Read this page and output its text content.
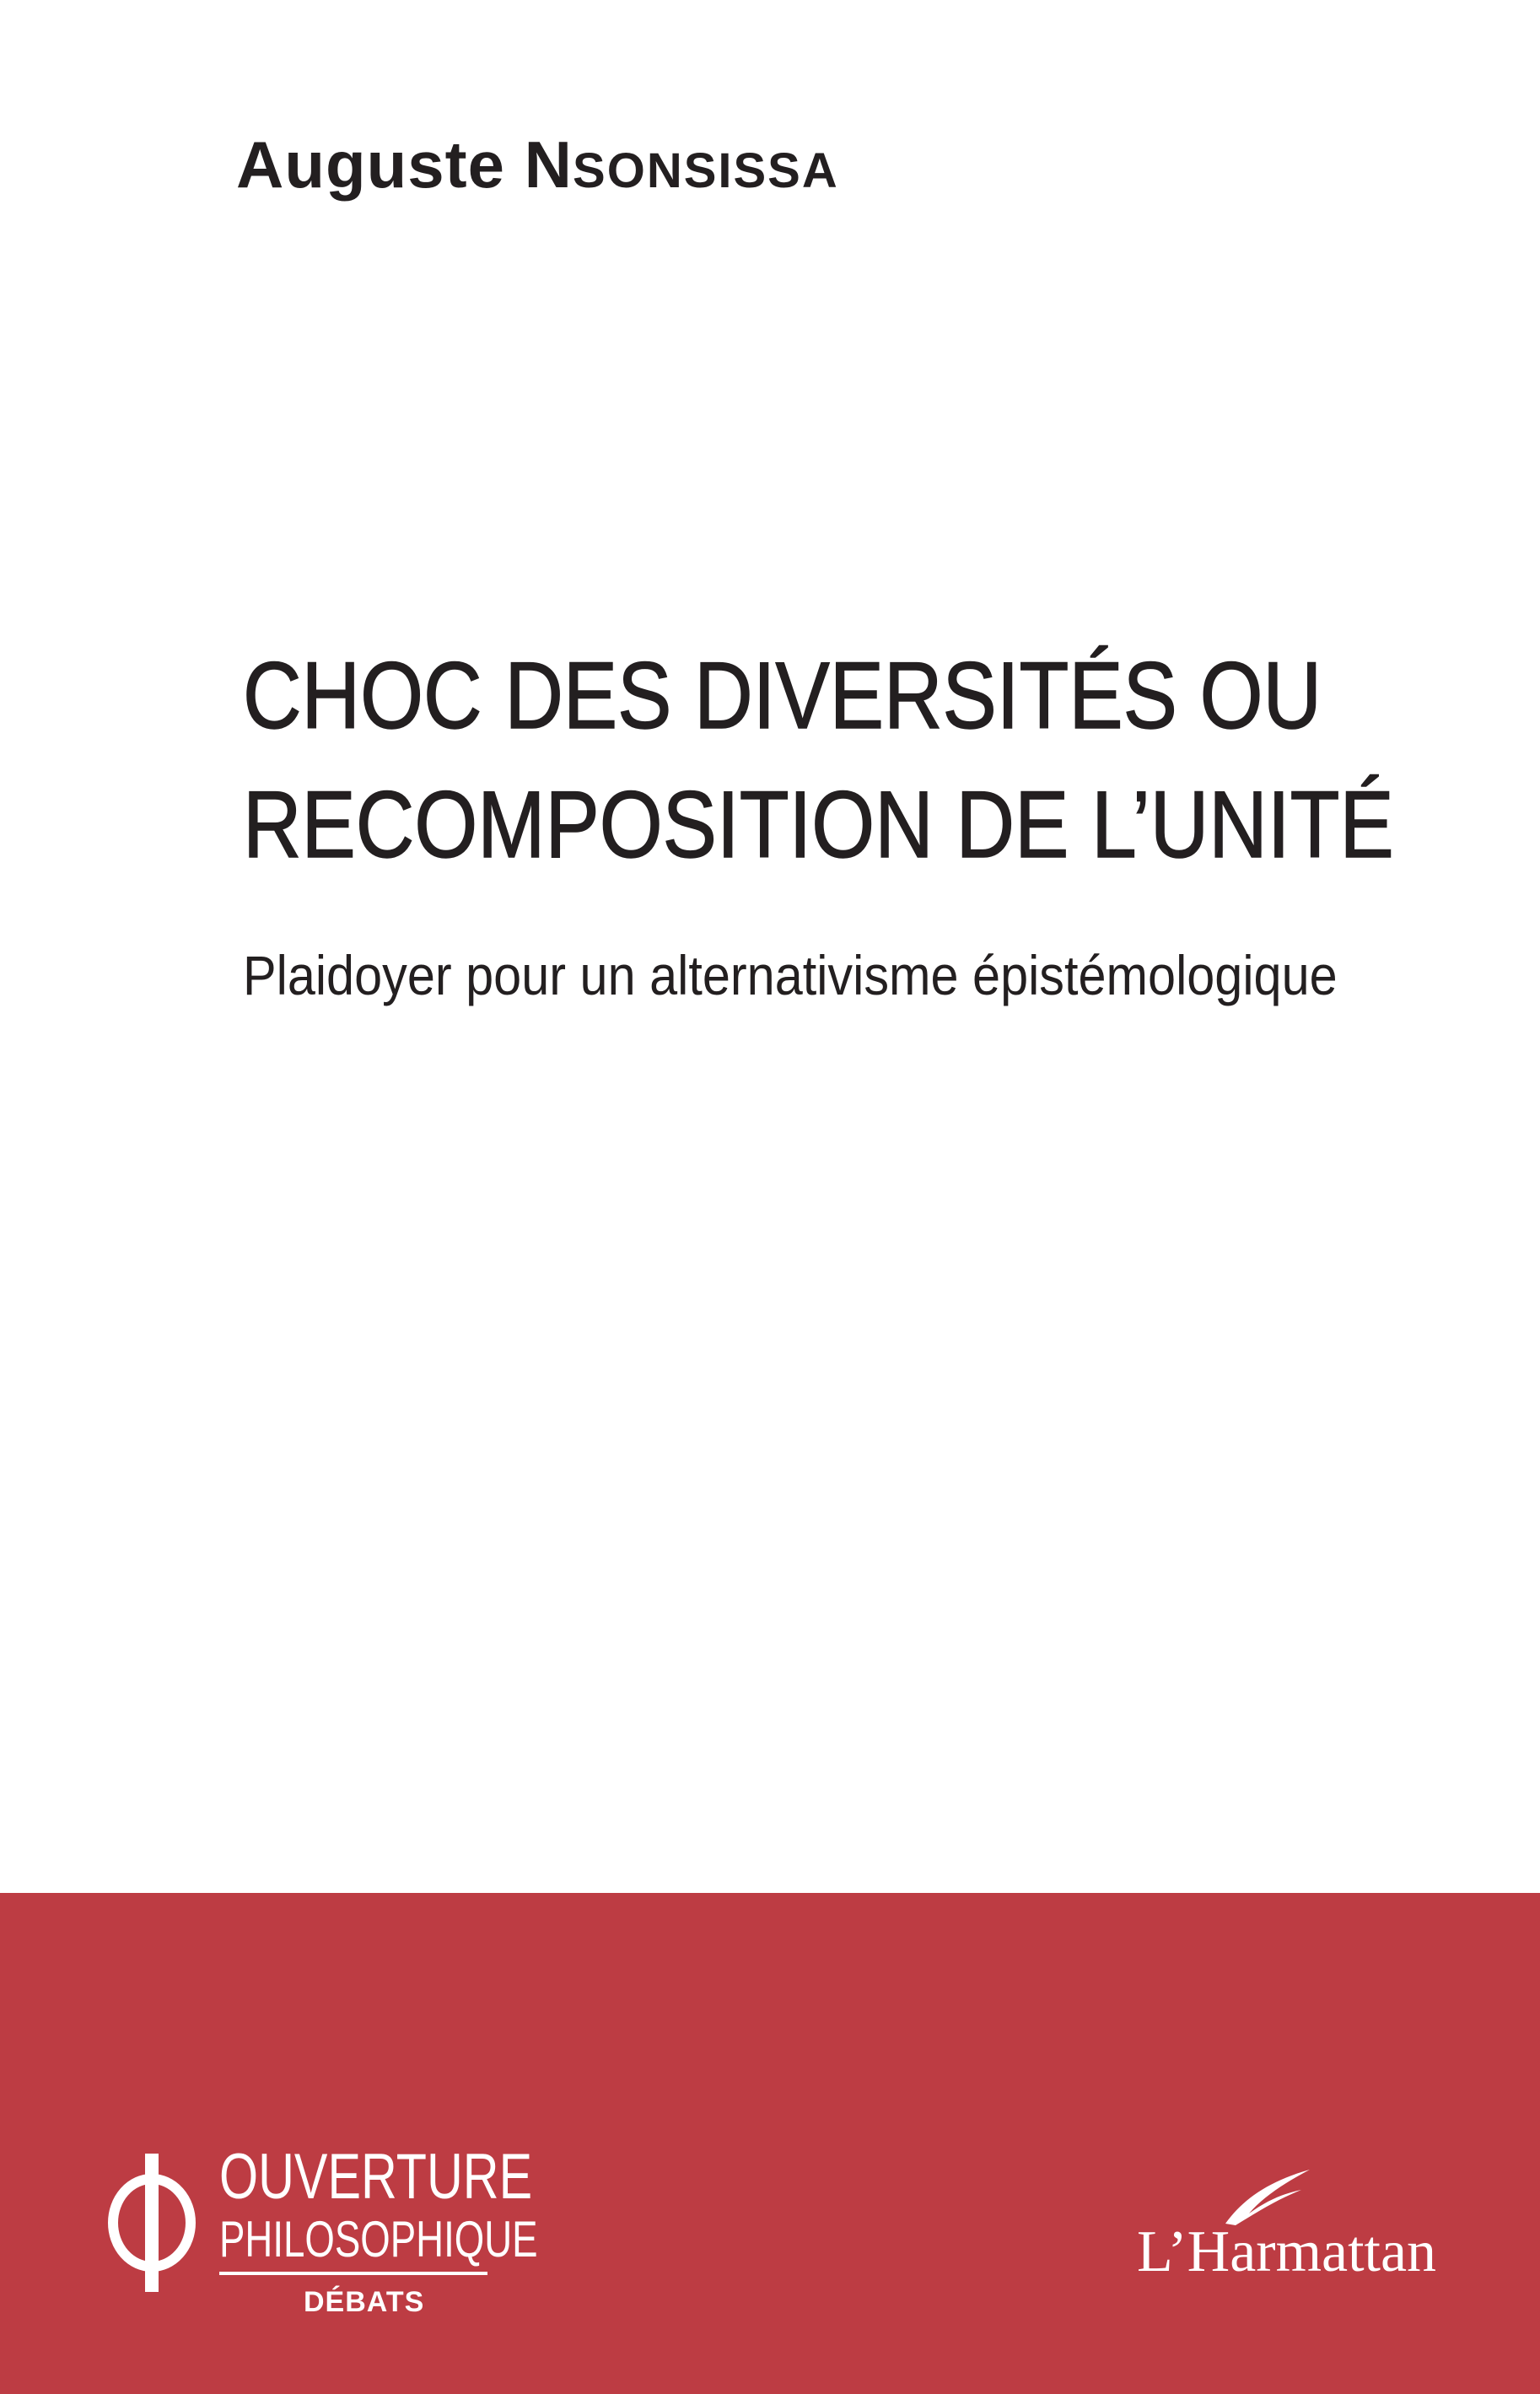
Auguste NSONSISSA
CHOC DES DIVERSITÉS OU
RECOMPOSITION DE L’UNITÉ
Plaidoyer pour un alternativisme épistémologique
OUVERTURE
PHILOSOPHIQUE
DÉBATS
L’Harmattan
